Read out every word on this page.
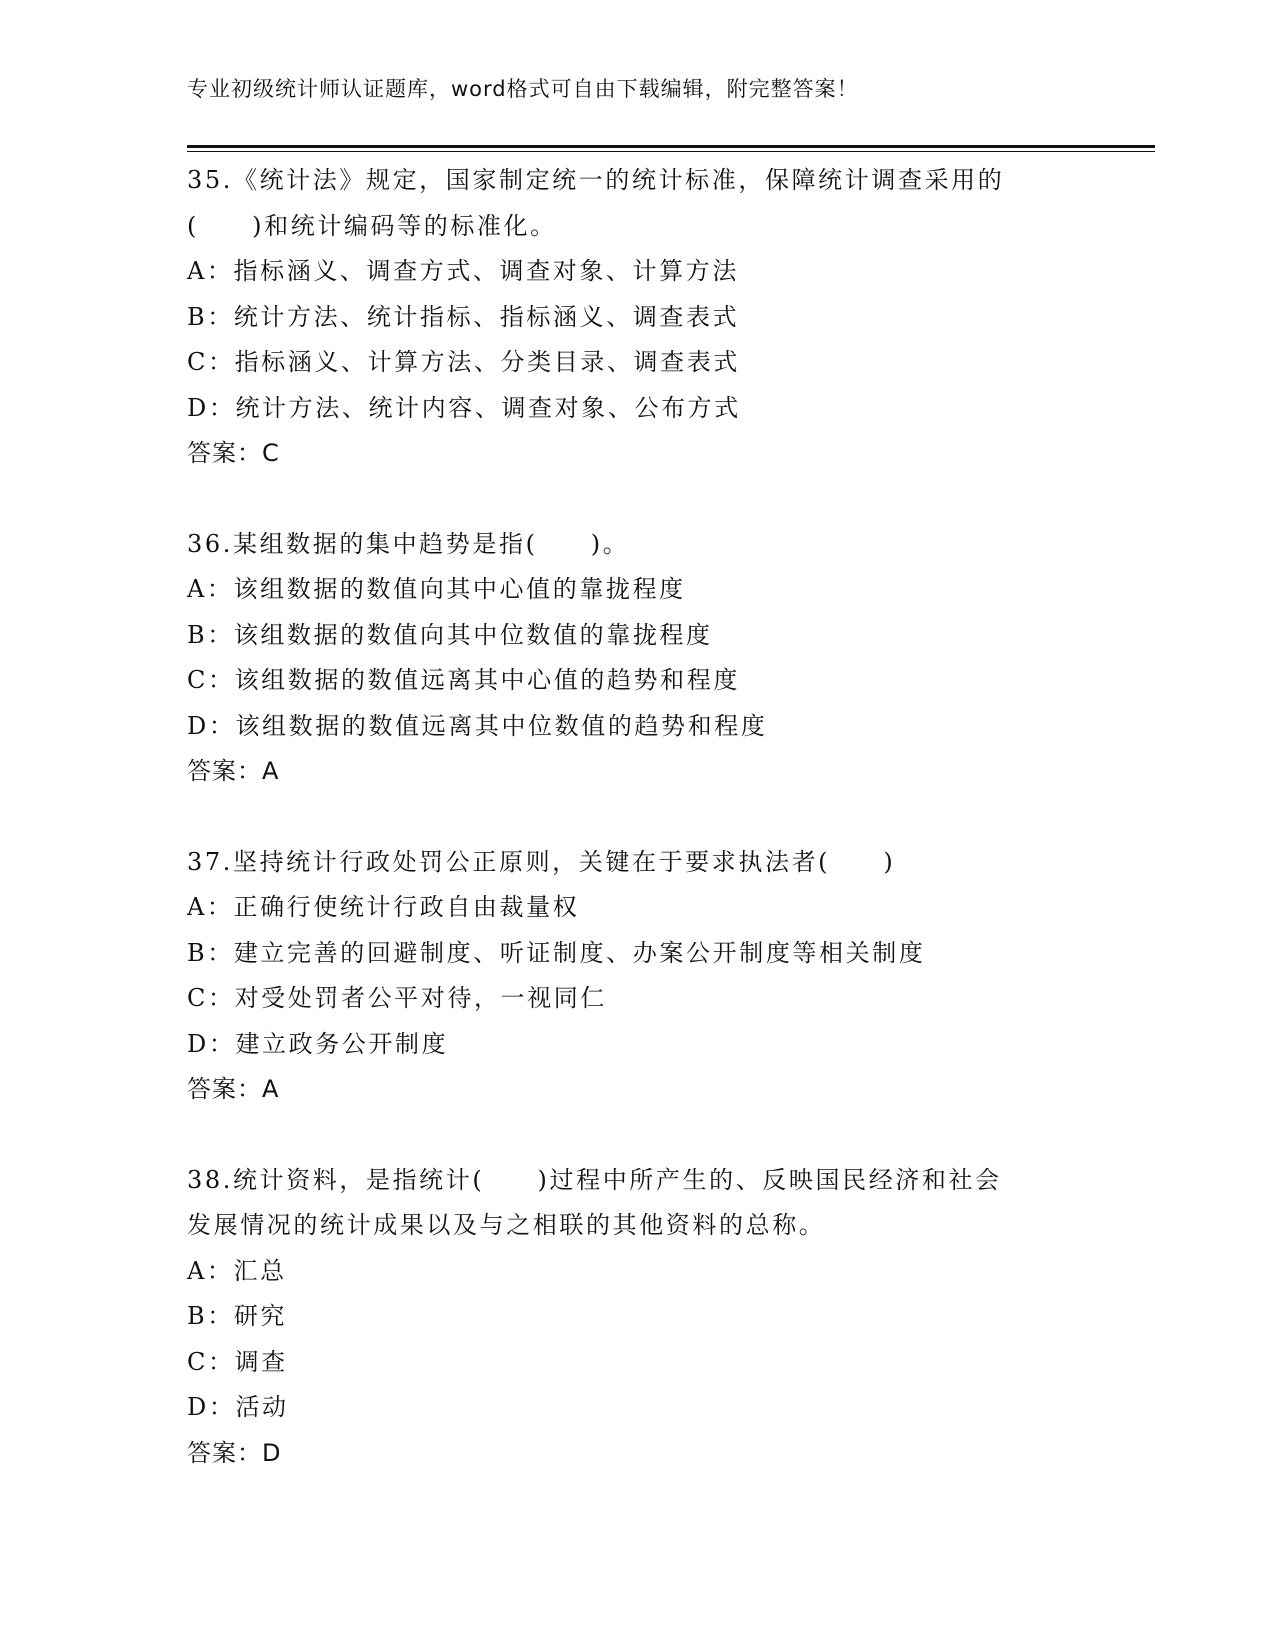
专业初级统计师认证题库，word格式可自由下载编辑，附完整答案！
35.《统计法》规定，国家制定统一的统计标准，保障统计调查采用的
(　　)和统计编码等的标准化。
A：指标涵义、调查方式、调查对象、计算方法
B：统计方法、统计指标、指标涵义、调查表式
C：指标涵义、计算方法、分类目录、调查表式
D：统计方法、统计内容、调查对象、公布方式
答案：C
36.某组数据的集中趋势是指(　　)。
A：该组数据的数值向其中心值的靠拢程度
B：该组数据的数值向其中位数值的靠拢程度
C：该组数据的数值远离其中心值的趋势和程度
D：该组数据的数值远离其中位数值的趋势和程度
答案：A
37.坚持统计行政处罚公正原则，关键在于要求执法者(　　)
A：正确行使统计行政自由裁量权
B：建立完善的回避制度、听证制度、办案公开制度等相关制度
C：对受处罚者公平对待，一视同仁
D：建立政务公开制度
答案：A
38.统计资料，是指统计(　　)过程中所产生的、反映国民经济和社会
发展情况的统计成果以及与之相联的其他资料的总称。
A：汇总
B：研究
C：调查
D：活动
答案：D
